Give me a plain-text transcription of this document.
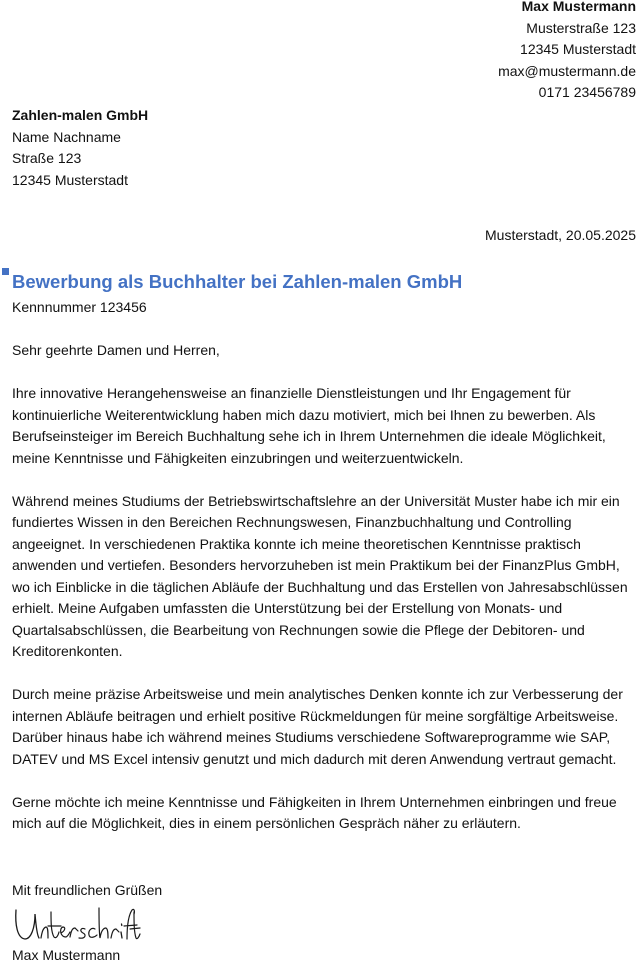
Max Mustermann
Musterstraße 123
12345 Musterstadt
max@mustermann.de
0171 23456789
Zahlen-malen GmbH
Name Nachname
Straße 123
12345 Musterstadt
Musterstadt, 20.05.2025
Bewerbung als Buchhalter bei Zahlen-malen GmbH
Kennnummer 123456
Sehr geehrte Damen und Herren,

Ihre innovative Herangehensweise an finanzielle Dienstleistungen und Ihr Engagement für kontinuierliche Weiterentwicklung haben mich dazu motiviert, mich bei Ihnen zu bewerben. Als Berufseinsteiger im Bereich Buchhaltung sehe ich in Ihrem Unternehmen die ideale Möglichkeit, meine Kenntnisse und Fähigkeiten einzubringen und weiterzuentwickeln.

Während meines Studiums der Betriebswirtschaftslehre an der Universität Muster habe ich mir ein fundiertes Wissen in den Bereichen Rechnungswesen, Finanzbuchhaltung und Controlling angeeignet. In verschiedenen Praktika konnte ich meine theoretischen Kenntnisse praktisch anwenden und vertiefen. Besonders hervorzuheben ist mein Praktikum bei der FinanzPlus GmbH, wo ich Einblicke in die täglichen Abläufe der Buchhaltung und das Erstellen von Jahresabschlüssen erhielt. Meine Aufgaben umfassten die Unterstützung bei der Erstellung von Monats- und Quartalsabschlüssen, die Bearbeitung von Rechnungen sowie die Pflege der Debitoren- und Kreditorenkonten.

Durch meine präzise Arbeitsweise und mein analytisches Denken konnte ich zur Verbesserung der internen Abläufe beitragen und erhielt positive Rückmeldungen für meine sorgfältige Arbeitsweise. Darüber hinaus habe ich während meines Studiums verschiedene Softwareprogramme wie SAP, DATEV und MS Excel intensiv genutzt und mich dadurch mit deren Anwendung vertraut gemacht.

Gerne möchte ich meine Kenntnisse und Fähigkeiten in Ihrem Unternehmen einbringen und freue mich auf die Möglichkeit, dies in einem persönlichen Gespräch näher zu erläutern.

Mit freundlichen Grüßen
Max Mustermann
